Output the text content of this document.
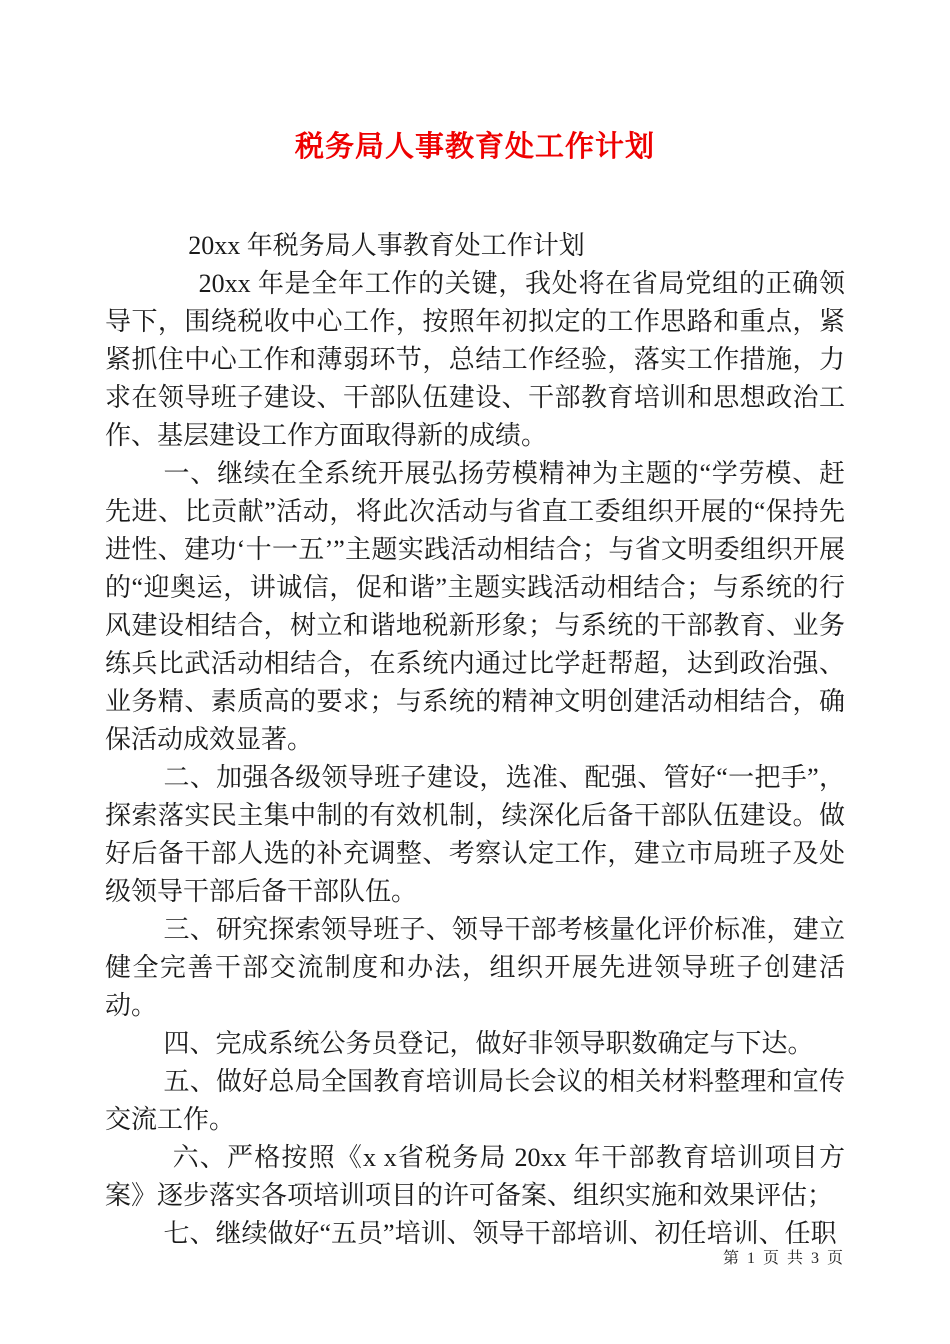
税务局人事教育处工作计划

20xx 年税务局人事教育处工作计划

20xx 年是全年工作的关键，我处将在省局党组的正确领导下，围绕税收中心工作，按照年初拟定的工作思路和重点，紧紧抓住中心工作和薄弱环节，总结工作经验，落实工作措施，力求在领导班子建设、干部队伍建设、干部教育培训和思想政治工作、基层建设工作方面取得新的成绩。

一、继续在全系统开展弘扬劳模精神为主题的“学劳模、赶先进、比贡献”活动，将此次活动与省直工委组织开展的“保持先进性、建功‘十一五’”主题实践活动相结合；与省文明委组织开展的“迎奥运，讲诚信，促和谐”主题实践活动相结合；与系统的行风建设相结合，树立和谐地税新形象；与系统的干部教育、业务练兵比武活动相结合，在系统内通过比学赶帮超，达到政治强、业务精、素质高的要求；与系统的精神文明创建活动相结合，确保活动成效显著。

二、加强各级领导班子建设，选准、配强、管好“一把手”，探索落实民主集中制的有效机制，续深化后备干部队伍建设。做好后备干部人选的补充调整、考察认定工作，建立市局班子及处级领导干部后备干部队伍。

三、研究探索领导班子、领导干部考核量化评价标准，建立健全完善干部交流制度和办法，组织开展先进领导班子创建活动。

四、完成系统公务员登记，做好非领导职数确定与下达。

五、做好总局全国教育培训局长会议的相关材料整理和宣传交流工作。

六、严格按照《x x省税务局 20xx 年干部教育培训项目方案》逐步落实各项培训项目的许可备案、组织实施和效果评估；

七、继续做好“五员”培训、领导干部培训、初任培训、任职

第 1 页 共 3 页
